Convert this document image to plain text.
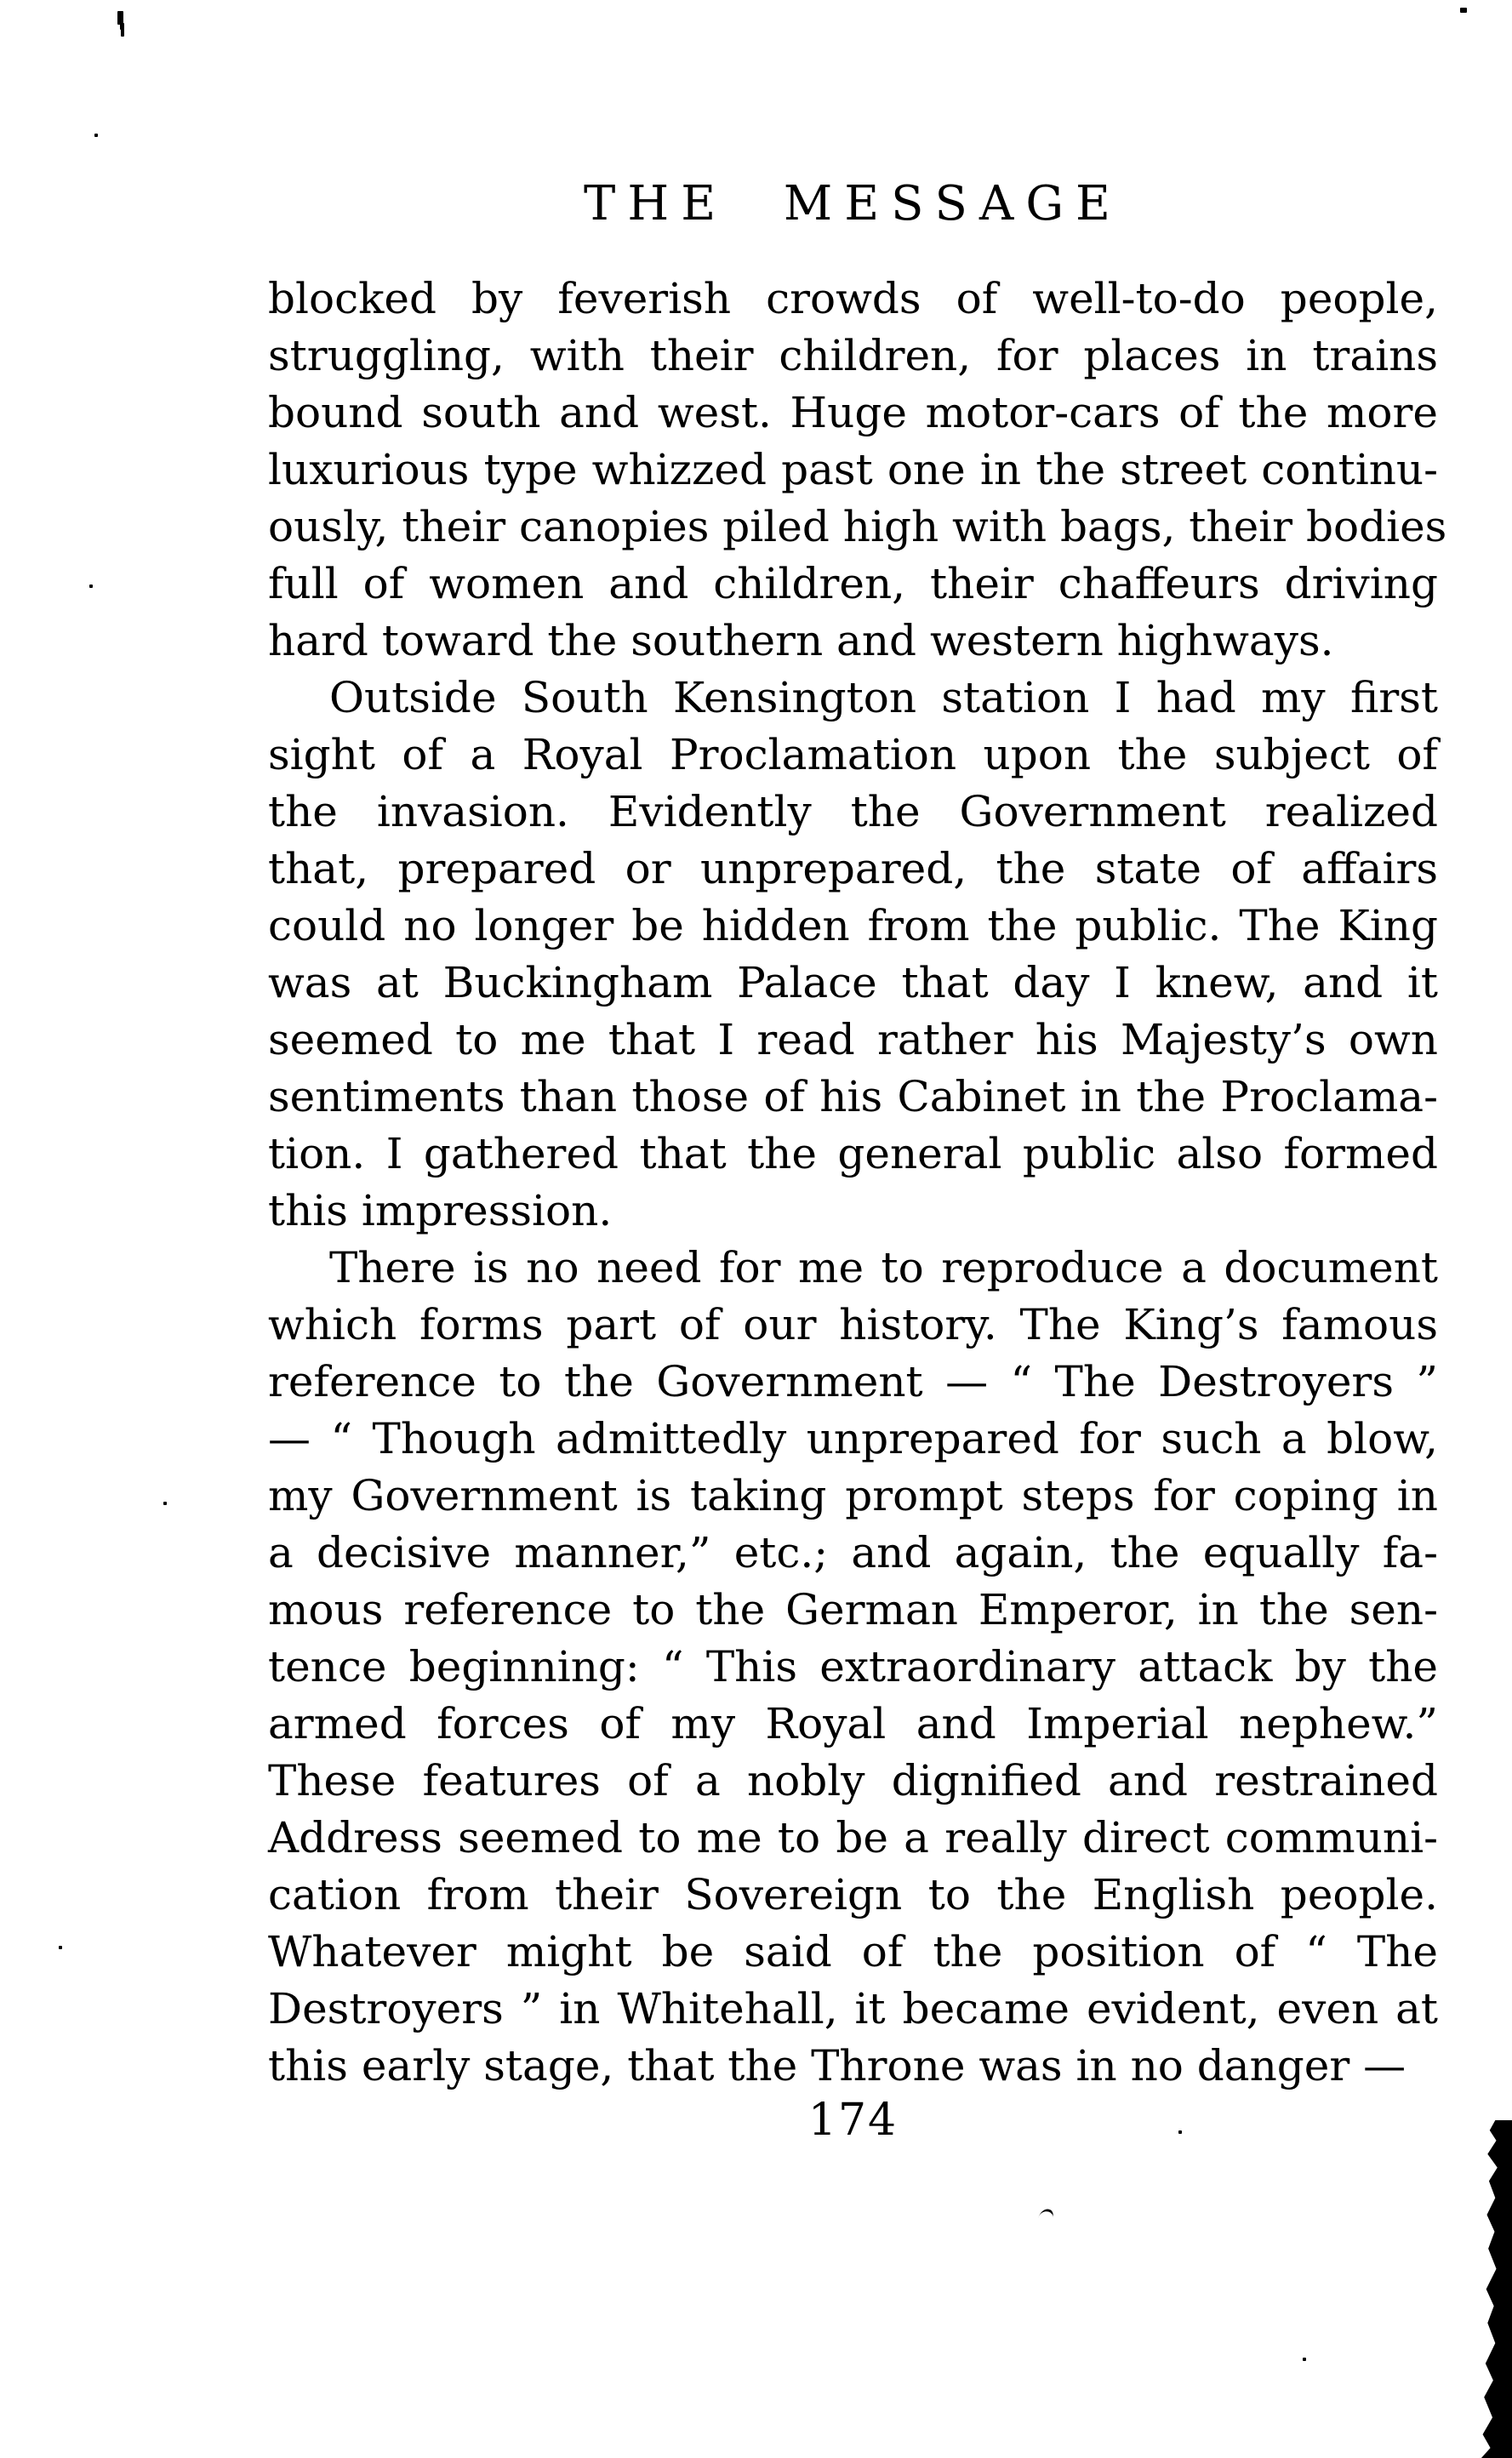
THE MESSAGE
blocked by feverish crowds of well-to-do people,
struggling, with their children, for places in trains
bound south and west. Huge motor-cars of the more
luxurious type whizzed past one in the street continu-
ously, their canopies piled high with bags, their bodies
full of women and children, their chaffeurs driving
hard toward the southern and western highways.
Outside South Kensington station I had my first
sight of a Royal Proclamation upon the subject of
the invasion. Evidently the Government realized
that, prepared or unprepared, the state of affairs
could no longer be hidden from the public. The King
was at Buckingham Palace that day I knew, and it
seemed to me that I read rather his Majesty’s own
sentiments than those of his Cabinet in the Proclama-
tion. I gathered that the general public also formed
this impression.
There is no need for me to reproduce a document
which forms part of our history. The King’s famous
reference to the Government — “ The Destroyers ”
— “ Though admittedly unprepared for such a blow,
my Government is taking prompt steps for coping in
a decisive manner,” etc.; and again, the equally fa-
mous reference to the German Emperor, in the sen-
tence beginning: “ This extraordinary attack by the
armed forces of my Royal and Imperial nephew.”
These features of a nobly dignified and restrained
Address seemed to me to be a really direct communi-
cation from their Sovereign to the English people.
Whatever might be said of the position of “ The
Destroyers ” in Whitehall, it became evident, even at
this early stage, that the Throne was in no danger —
174
